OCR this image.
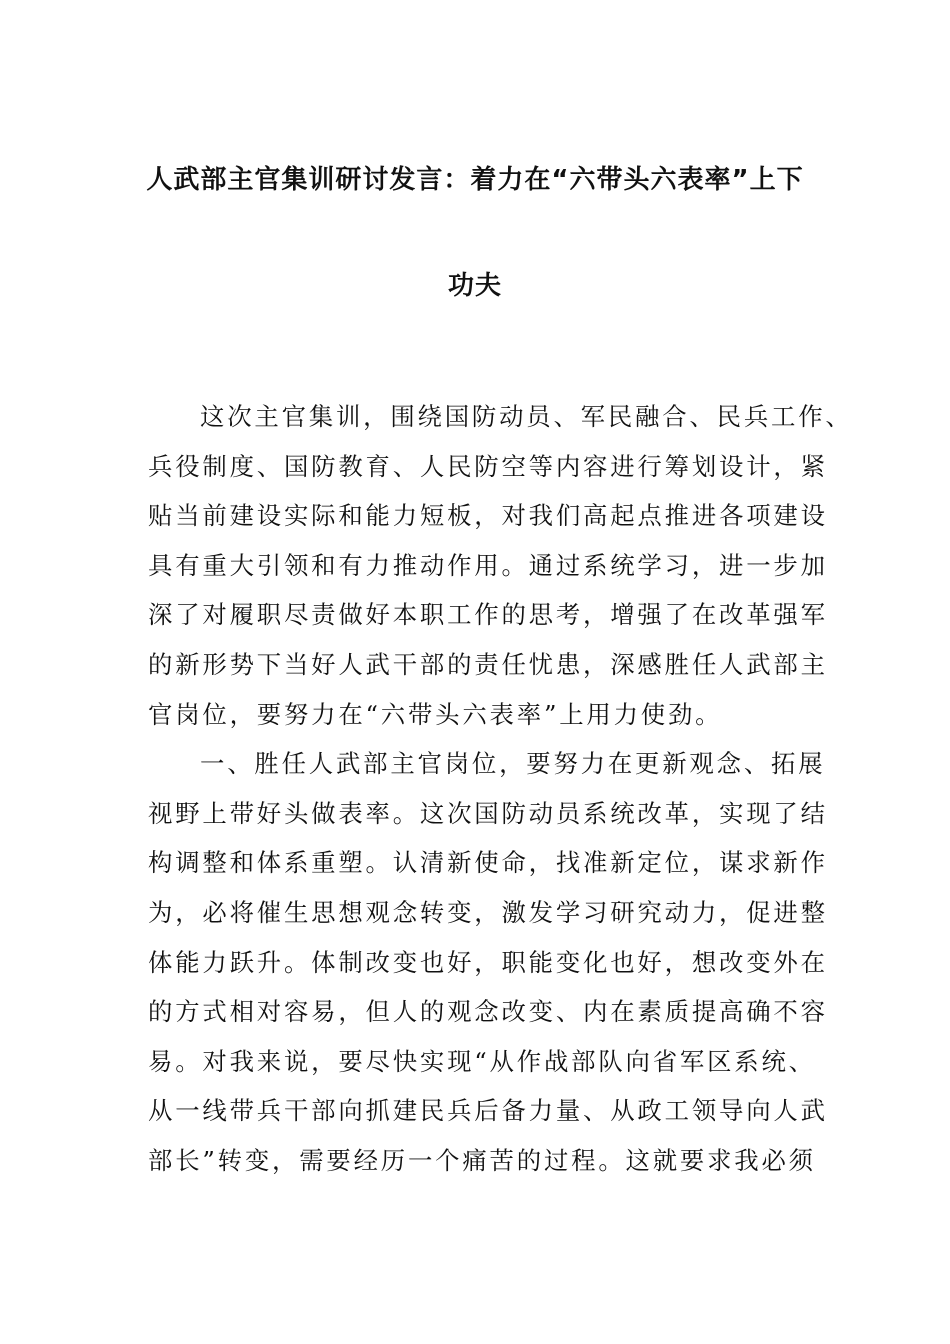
人武部主官集训研讨发言：着力在“六带头六表率”上下
功夫
这次主官集训，围绕国防动员、军民融合、民兵工作、
兵役制度、国防教育、人民防空等内容进行筹划设计，紧
贴当前建设实际和能力短板，对我们高起点推进各项建设
具有重大引领和有力推动作用。通过系统学习，进一步加
深了对履职尽责做好本职工作的思考，增强了在改革强军
的新形势下当好人武干部的责任忧患，深感胜任人武部主
官岗位，要努力在“六带头六表率”上用力使劲。
一、胜任人武部主官岗位，要努力在更新观念、拓展
视野上带好头做表率。这次国防动员系统改革，实现了结
构调整和体系重塑。认清新使命，找准新定位，谋求新作
为，必将催生思想观念转变，激发学习研究动力，促进整
体能力跃升。体制改变也好，职能变化也好，想改变外在
的方式相对容易，但人的观念改变、内在素质提高确不容
易。对我来说，要尽快实现“从作战部队向省军区系统、
从一线带兵干部向抓建民兵后备力量、从政工领导向人武
部长”转变，需要经历一个痛苦的过程。这就要求我必须
